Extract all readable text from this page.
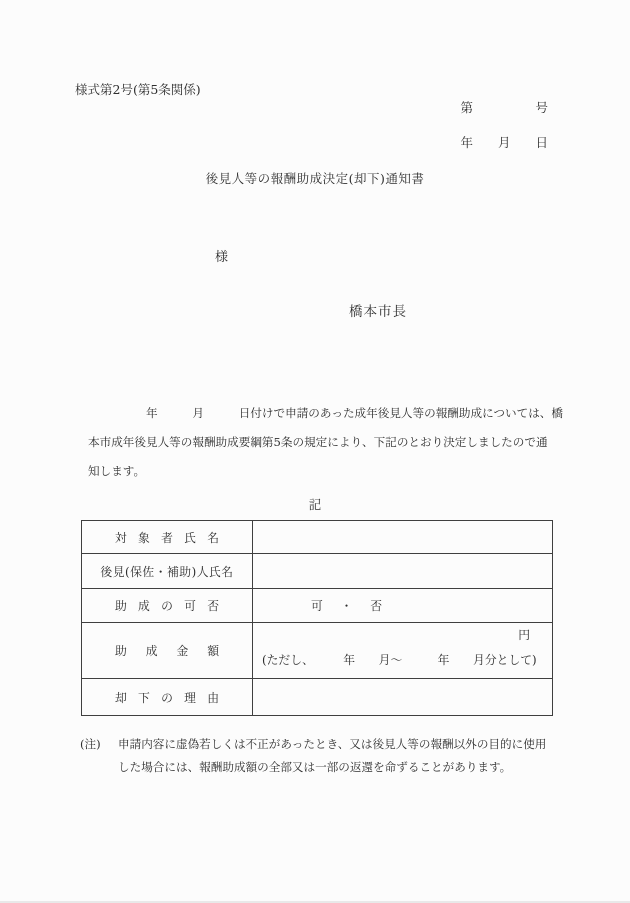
様式第2号(第5条関係)
第　　　　　号
年　　月　　日
後見人等の報酬助成決定(却下)通知書
様
橋本市長
　　　　　年　　　月　　　日付けで申請のあった成年後見人等の報酬助成については、橋
本市成年後見人等の報酬助成要綱第5条の規定により、下記のとおり決定しましたので通
知します。
記
対象者氏名	

後見(保佐・補助)人氏名	

助成の可否	可　・　否

助成金額	円
(ただし、　　　年　　月～　　　年　　月分として)

却下の理由	

(注)	申請内容に虚偽若しくは不正があったとき、又は後見人等の報酬以外の目的に使用
した場合には、報酬助成額の全部又は一部の返還を命ずることがあります。
